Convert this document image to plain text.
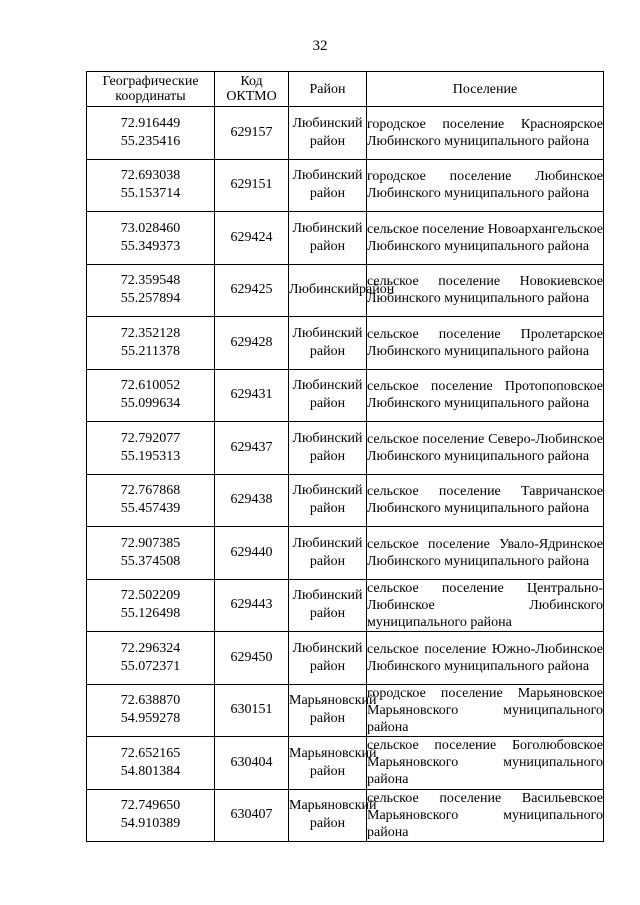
32
Географические координаты	Код ОКТМО	Район	Поселение

72.916449
55.235416	629157	Любинский район	городское поселение Красноярское Любинского муниципального района

72.693038
55.153714	629151	Любинский район	городское поселение Любинское Любинского муниципального района

73.028460
55.349373	629424	Любинский район	сельское поселение Новоархангельское Любинского муниципального района

72.359548
55.257894	629425	Любинскийрайон	сельское поселение Новокиевское Любинского муниципального района

72.352128
55.211378	629428	Любинский район	сельское поселение Пролетарское Любинского муниципального района

72.610052
55.099634	629431	Любинский район	сельское поселение Протопоповское Любинского муниципального района

72.792077
55.195313	629437	Любинский район	сельское поселение Северо-Любинское Любинского муниципального района

72.767868
55.457439	629438	Любинский район	сельское поселение Тавричанское Любинского муниципального района

72.907385
55.374508	629440	Любинский район	сельское поселение Увало-Ядринское Любинского муниципального района

72.502209
55.126498	629443	Любинский район	сельское поселение Центрально-Любинское Любинского муниципального района

72.296324
55.072371	629450	Любинский район	сельское поселение Южно-Любинское Любинского муниципального района

72.638870
54.959278	630151	Марьяновский район	городское поселение Марьяновское Марьяновского муниципального района

72.652165
54.801384	630404	Марьяновский район	сельское поселение Боголюбовское Марьяновского муниципального района

72.749650
54.910389	630407	Марьяновский район	сельское поселение Васильевское Марьяновского муниципального района
